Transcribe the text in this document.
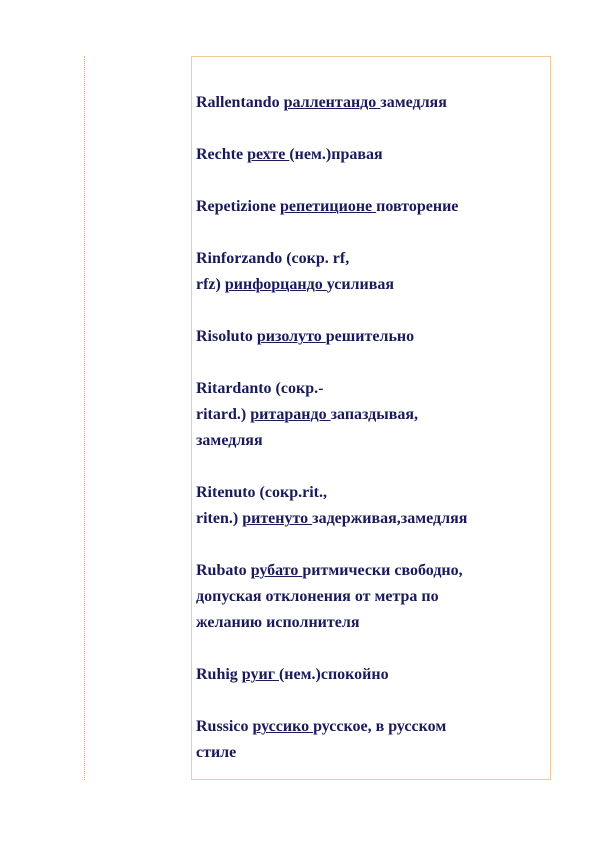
Rallentando раллентандо замедляя
Rechte рехте (нем.)правая
Repetizione репетиционе повторение
Rinforzando (сокр. rf,
rfz) ринфорцандо усиливая
Risoluto ризолуто решительно
Ritardanto (сокр.-
ritard.) ритарандо запаздывая,
замедляя
Ritenuto (сокр.rit.,
riten.) ритенуто задерживая,замедляя
Rubato рубато ритмически свободно,
допуская отклонения от метра по
желанию исполнителя
Ruhig руиг (нем.)спокойно
Russico руссико русское, в русском
стиле
